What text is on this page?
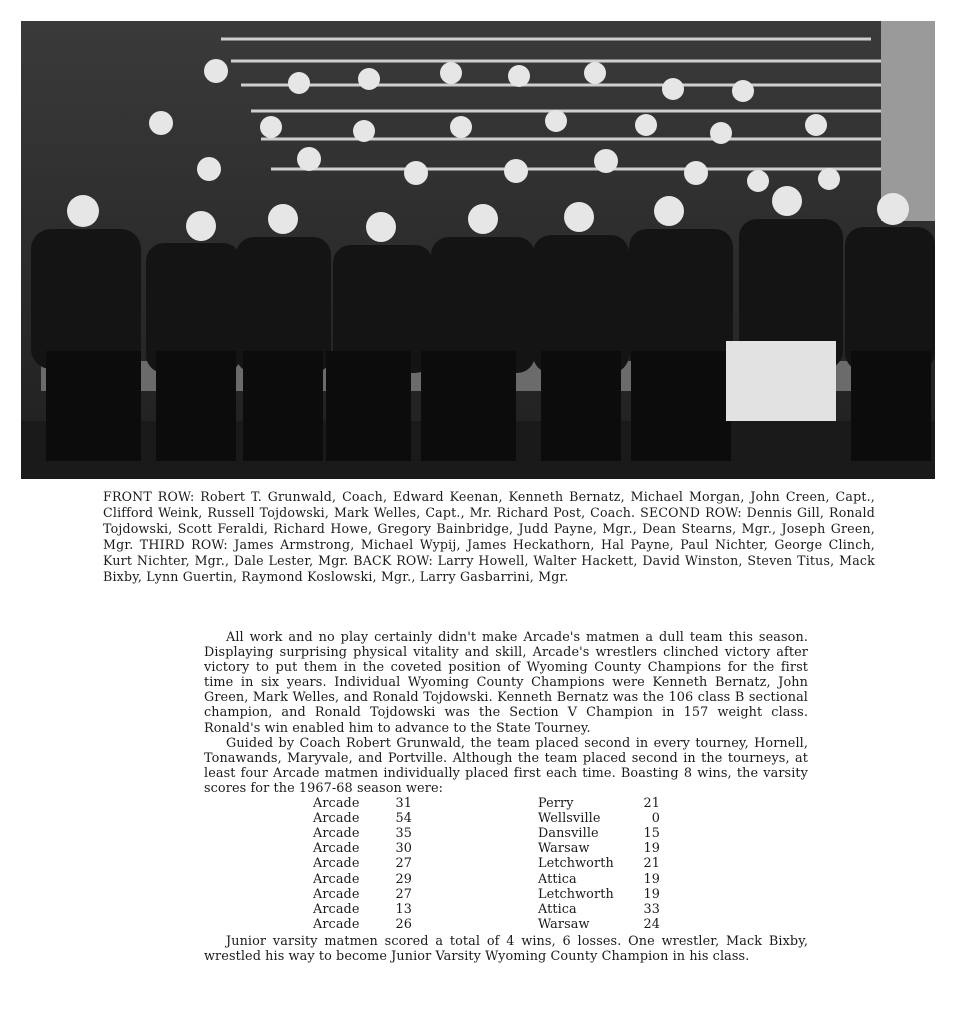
FRONT ROW: Robert T. Grunwald, Coach, Edward Keenan, Kenneth Bernatz, Michael Morgan, John Creen, Capt., Clifford Weink, Russell Tojdowski, Mark Welles, Capt., Mr. Richard Post, Coach. SECOND ROW: Dennis Gill, Ronald Tojdowski, Scott Feraldi, Richard Howe, Gregory Bainbridge, Judd Payne, Mgr., Dean Stearns, Mgr., Joseph Green, Mgr. THIRD ROW: James Armstrong, Michael Wypij, James Heckathorn, Hal Payne, Paul Nichter, George Clinch, Kurt Nichter, Mgr., Dale Lester, Mgr. BACK ROW: Larry Howell, Walter Hackett, David Winston, Steven Titus, Mack Bixby, Lynn Guertin, Raymond Koslowski, Mgr., Larry Gasbarrini, Mgr.

All work and no play certainly didn't make Arcade's matmen a dull team this season. Displaying surprising physical vitality and skill, Arcade's wrestlers clinched victory after victory to put them in the coveted position of Wyoming County Champions for the first time in six years. Individual Wyoming County Champions were Kenneth Bernatz, John Green, Mark Welles, and Ronald Tojdowski. Kenneth Bernatz was the 106 class B sectional champion, and Ronald Tojdowski was the Section V Champion in 157 weight class. Ronald's win enabled him to advance to the State Tourney.

Guided by Coach Robert Grunwald, the team placed second in every tourney, Hornell, Tonawands, Maryvale, and Portville. Although the team placed second in the tourneys, at least four Arcade matmen individually placed first each time. Boasting 8 wins, the varsity scores for the 1967-68 season were:

Arcade	31	Perry	21
Arcade	54	Wellsville	0
Arcade	35	Dansville	15
Arcade	30	Warsaw	19
Arcade	27	Letchworth	21
Arcade	29	Attica	19
Arcade	27	Letchworth	19
Arcade	13	Attica	33
Arcade	26	Warsaw	24

Junior varsity matmen scored a total of 4 wins, 6 losses. One wrestler, Mack Bixby, wrestled his way to become Junior Varsity Wyoming County Champion in his class.
